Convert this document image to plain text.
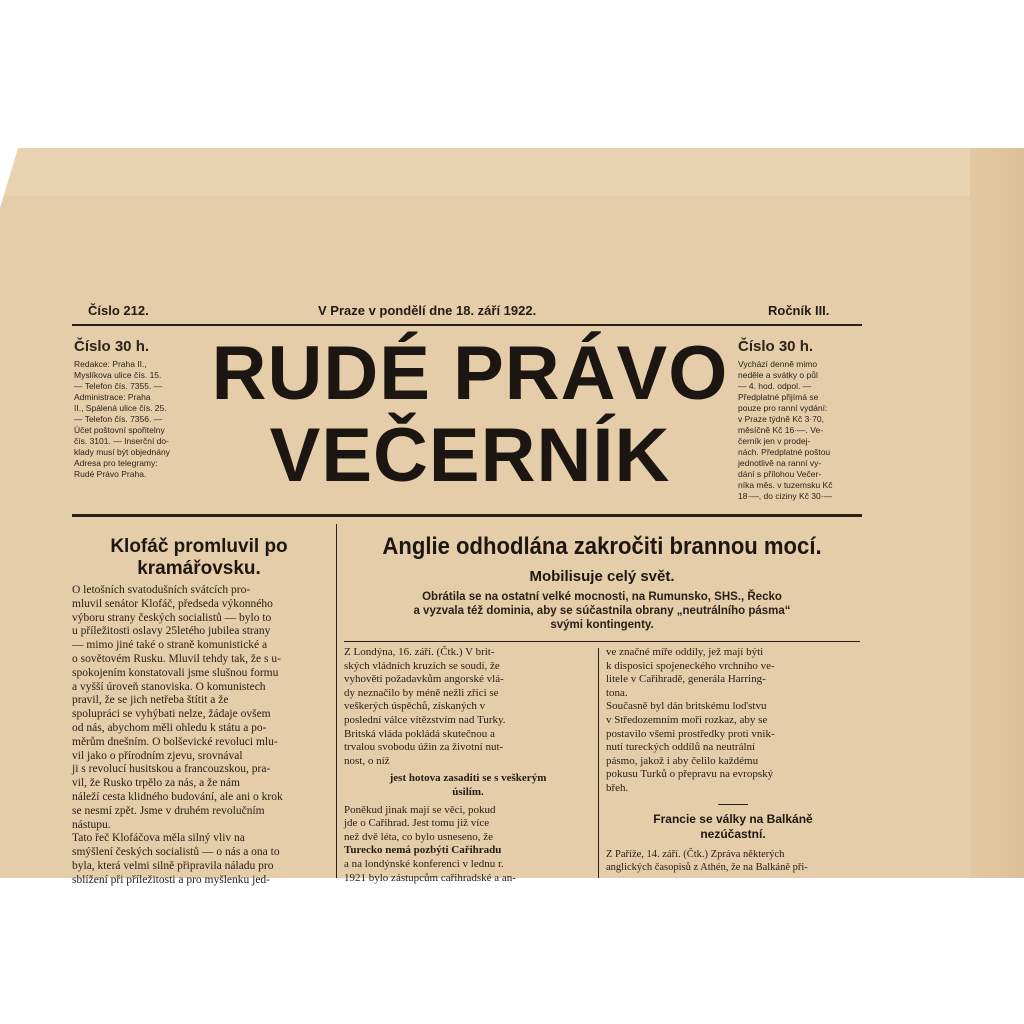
Číslo 212.	V Praze v pondělí dne 18. září 1922.	Ročník III.
RUDÉ PRÁVO
VEČERNÍK
Číslo 30 h.
Redakce: Praha II.,
Myslíkova ulice čís. 15.
— Telefon čís. 7355. —
Administrace: Praha
II., Spálená ulice čís. 25.
— Telefon čís. 7356. —
Účet poštovní spořitelny
čís. 3101. — Inserční do-
klady musí být objednány
Adresa pro telegramy:
Rudé Právo Praha.
Číslo 30 h.
Vychází denně mimo
neděle a svátky o půl
— 4. hod. odpol. —
Předplatné přijímá se
pouze pro ranní vydání:
v Praze týdně Kč 3·70,
měsíčně Kč 16·—. Ve-
černík jen v prodej-
nách. Předplatné poštou
jednotlivě na ranní vy-
dání s přílohou Večer-
níka měs. v tuzemsku Kč
18·—, do ciziny Kč 30·—
Klofáč promluvil po
kramářovsku.
O letošních svatodušních svátcích pro-
mluvil senátor Klofáč, předseda výkonného
výboru strany českých socialistů — bylo to
u příležitosti oslavy 25letého jubilea strany
— mimo jiné také o straně komunistické a
o sovětovém Rusku. Mluvil tehdy tak, že s u-
spokojením konstatovali jsme slušnou formu
a vyšší úroveň stanoviska. O komunistech
pravil, že se jich netřeba štítit a že
spolupráci se vyhýbati nelze, žádaje ovšem
od nás, abychom měli ohledu k státu a po-
měrům dnešním. O bolševické revoluci mlu-
vil jako o přírodním zjevu, srovnával
ji s revolucí husitskou a francouzskou, pra-
vil, že Rusko trpělo za nás, a že nám
náleží cesta klidného budování, ale ani o krok
se nesmí zpět. Jsme v druhém revolučním
nástupu.
Tato řeč Klofáčova měla silný vliv na
smýšlení českých socialistů — o nás a ona to
byla, která velmi silně připravila náladu pro
sblížení při příležitosti a pro myšlenku jed-
Anglie odhodlána zakročiti brannou mocí.
Mobilisuje celý svět.
Obrátila se na ostatní velké mocnosti, na Rumunsko, SHS., Řecko
a vyzvala též dominia, aby se súčastnila obrany „neutrálního pásma“
svými kontingenty.
Z Londýna, 16. září. (Čtk.) V brit-
ských vládních kruzích se soudí, že
vyhovětí požadavkům angorské vlá-
dy neznačilo by méně nežli zříci se
veškerých úspěchů, získaných v
poslední válce vítězstvím nad Turky.
Britská vláda pokládá skutečnou a
trvalou svobodu úžin za životní nut-
nost, o níž
jest hotova zasaditi se s veškerým
úsilím.
Poněkud jinak mají se věci, pokud
jde o Cařihrad. Jest tomu již více
než dvě léta, co bylo usneseno, že
Turecko nemá pozbýti Cařihradu
a na londýnské konferenci v lednu r.
1921 bylo zástupcům cařihradské a an-
ve značné míře oddíly, jež mají býti
k disposici spojeneckého vrchního ve-
litele v Cařihradě, generála Harring-
tona.
Současně byl dán britskému loďstvu
v Středozemním moři rozkaz, aby se
postavilo všemi prostředky proti vnik-
nutí tureckých oddílů na neutrální
pásmo, jakož i aby čelilo každému
pokusu Turků o přepravu na evropský
břeh.
Francie se války na Balkáně
nezúčastní.
Z Paříže, 14. září. (Čtk.) Zpráva některých
anglických časopisů z Athén, že na Balkáně při-
